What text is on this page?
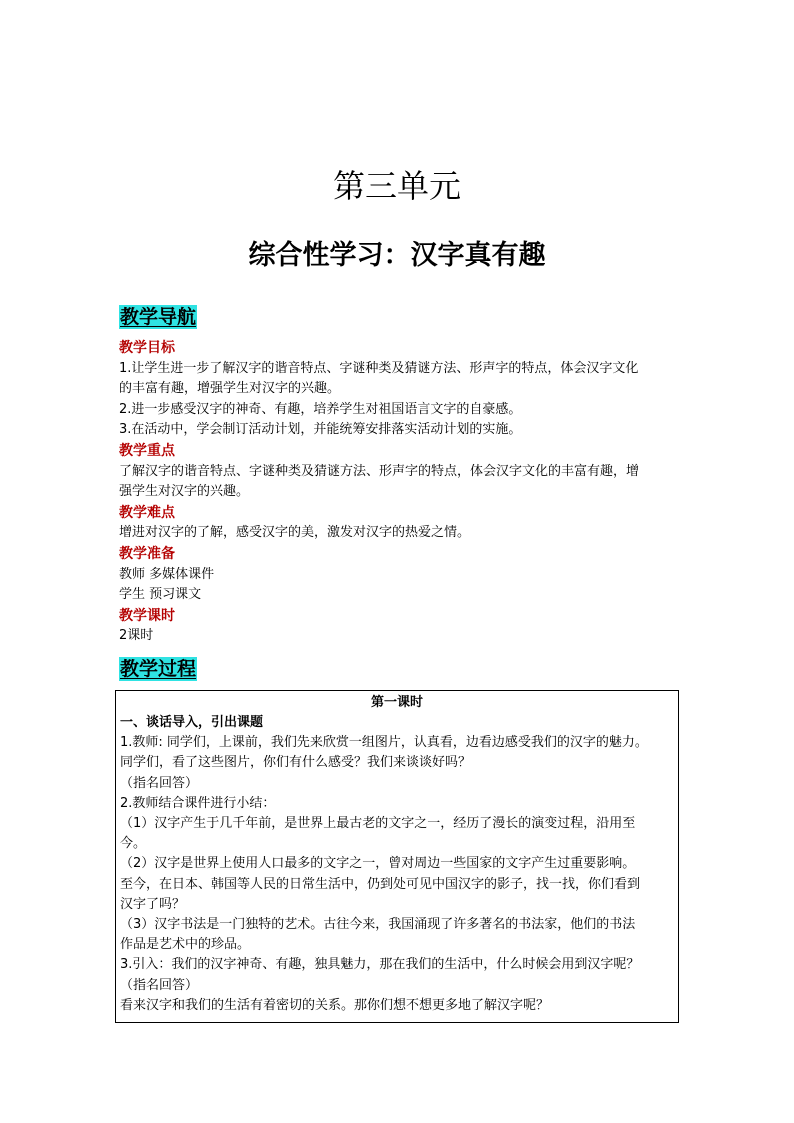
第三单元
综合性学习：汉字真有趣
教学导航
教学目标
1.让学生进一步了解汉字的谐音特点、字谜种类及猜谜方法、形声字的特点，体会汉字文化
的丰富有趣，增强学生对汉字的兴趣。
2.进一步感受汉字的神奇、有趣，培养学生对祖国语言文字的自豪感。
3.在活动中，学会制订活动计划，并能统筹安排落实活动计划的实施。
教学重点
了解汉字的谐音特点、字谜种类及猜谜方法、形声字的特点，体会汉字文化的丰富有趣，增
强学生对汉字的兴趣。
教学难点
增进对汉字的了解，感受汉字的美，激发对汉字的热爱之情。
教学准备
教师 多媒体课件
学生 预习课文
教学课时
2课时
教学过程
第一课时
一、谈话导入，引出课题
1.教师: 同学们，上课前，我们先来欣赏一组图片，认真看，边看边感受我们的汉字的魅力。
同学们，看了这些图片，你们有什么感受？我们来谈谈好吗？
（指名回答）
2.教师结合课件进行小结：
（1）汉字产生于几千年前，是世界上最古老的文字之一，经历了漫长的演变过程，沿用至
今。
（2）汉字是世界上使用人口最多的文字之一，曾对周边一些国家的文字产生过重要影响。
至今，在日本、韩国等人民的日常生活中，仍到处可见中国汉字的影子，找一找，你们看到
汉字了吗？
（3）汉字书法是一门独特的艺术。古往今来，我国涌现了许多著名的书法家，他们的书法
作品是艺术中的珍品。
3.引入：我们的汉字神奇、有趣，独具魅力，那在我们的生活中，什么时候会用到汉字呢？
（指名回答）
看来汉字和我们的生活有着密切的关系。那你们想不想更多地了解汉字呢？
